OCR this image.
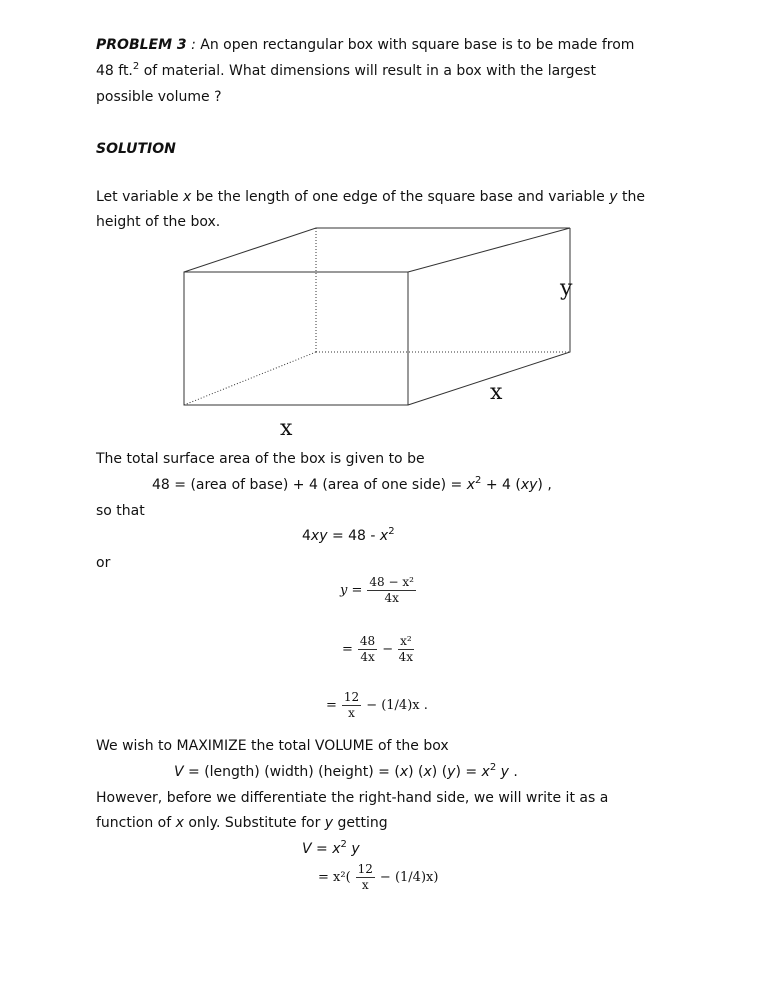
PROBLEM 3 : An open rectangular box with square base is to be made from
48 ft.$^2$ of material. What dimensions will result in a box with the largest
possible volume ?
SOLUTION
Let variable x be the length of one edge of the square base and variable y the
height of the box.
y
x
x
The total surface area of the box is given to be
48 = (area of base) + 4 (area of one side) = $x^2 + 4$ (xy) ,
so that
$4xy = 48 - x^2$
or
$y = \frac{\text{48 − x²}}{4x}$
= $\frac{48}{4x} - \frac{\text{x²}}{4x}$
= $\frac{12}{x} - (1/4)x$ .
We wish to MAXIMIZE the total VOLUME of the box
V = (length) (width) (height) = (x) (x) $(y) = x^2$ y .
However, before we differentiate the right-hand side, we will write it as a
function of x only. Substitute for y getting
$V = x^2$ y
= $x^2( \frac{12}{x} - (1/4)x)$
